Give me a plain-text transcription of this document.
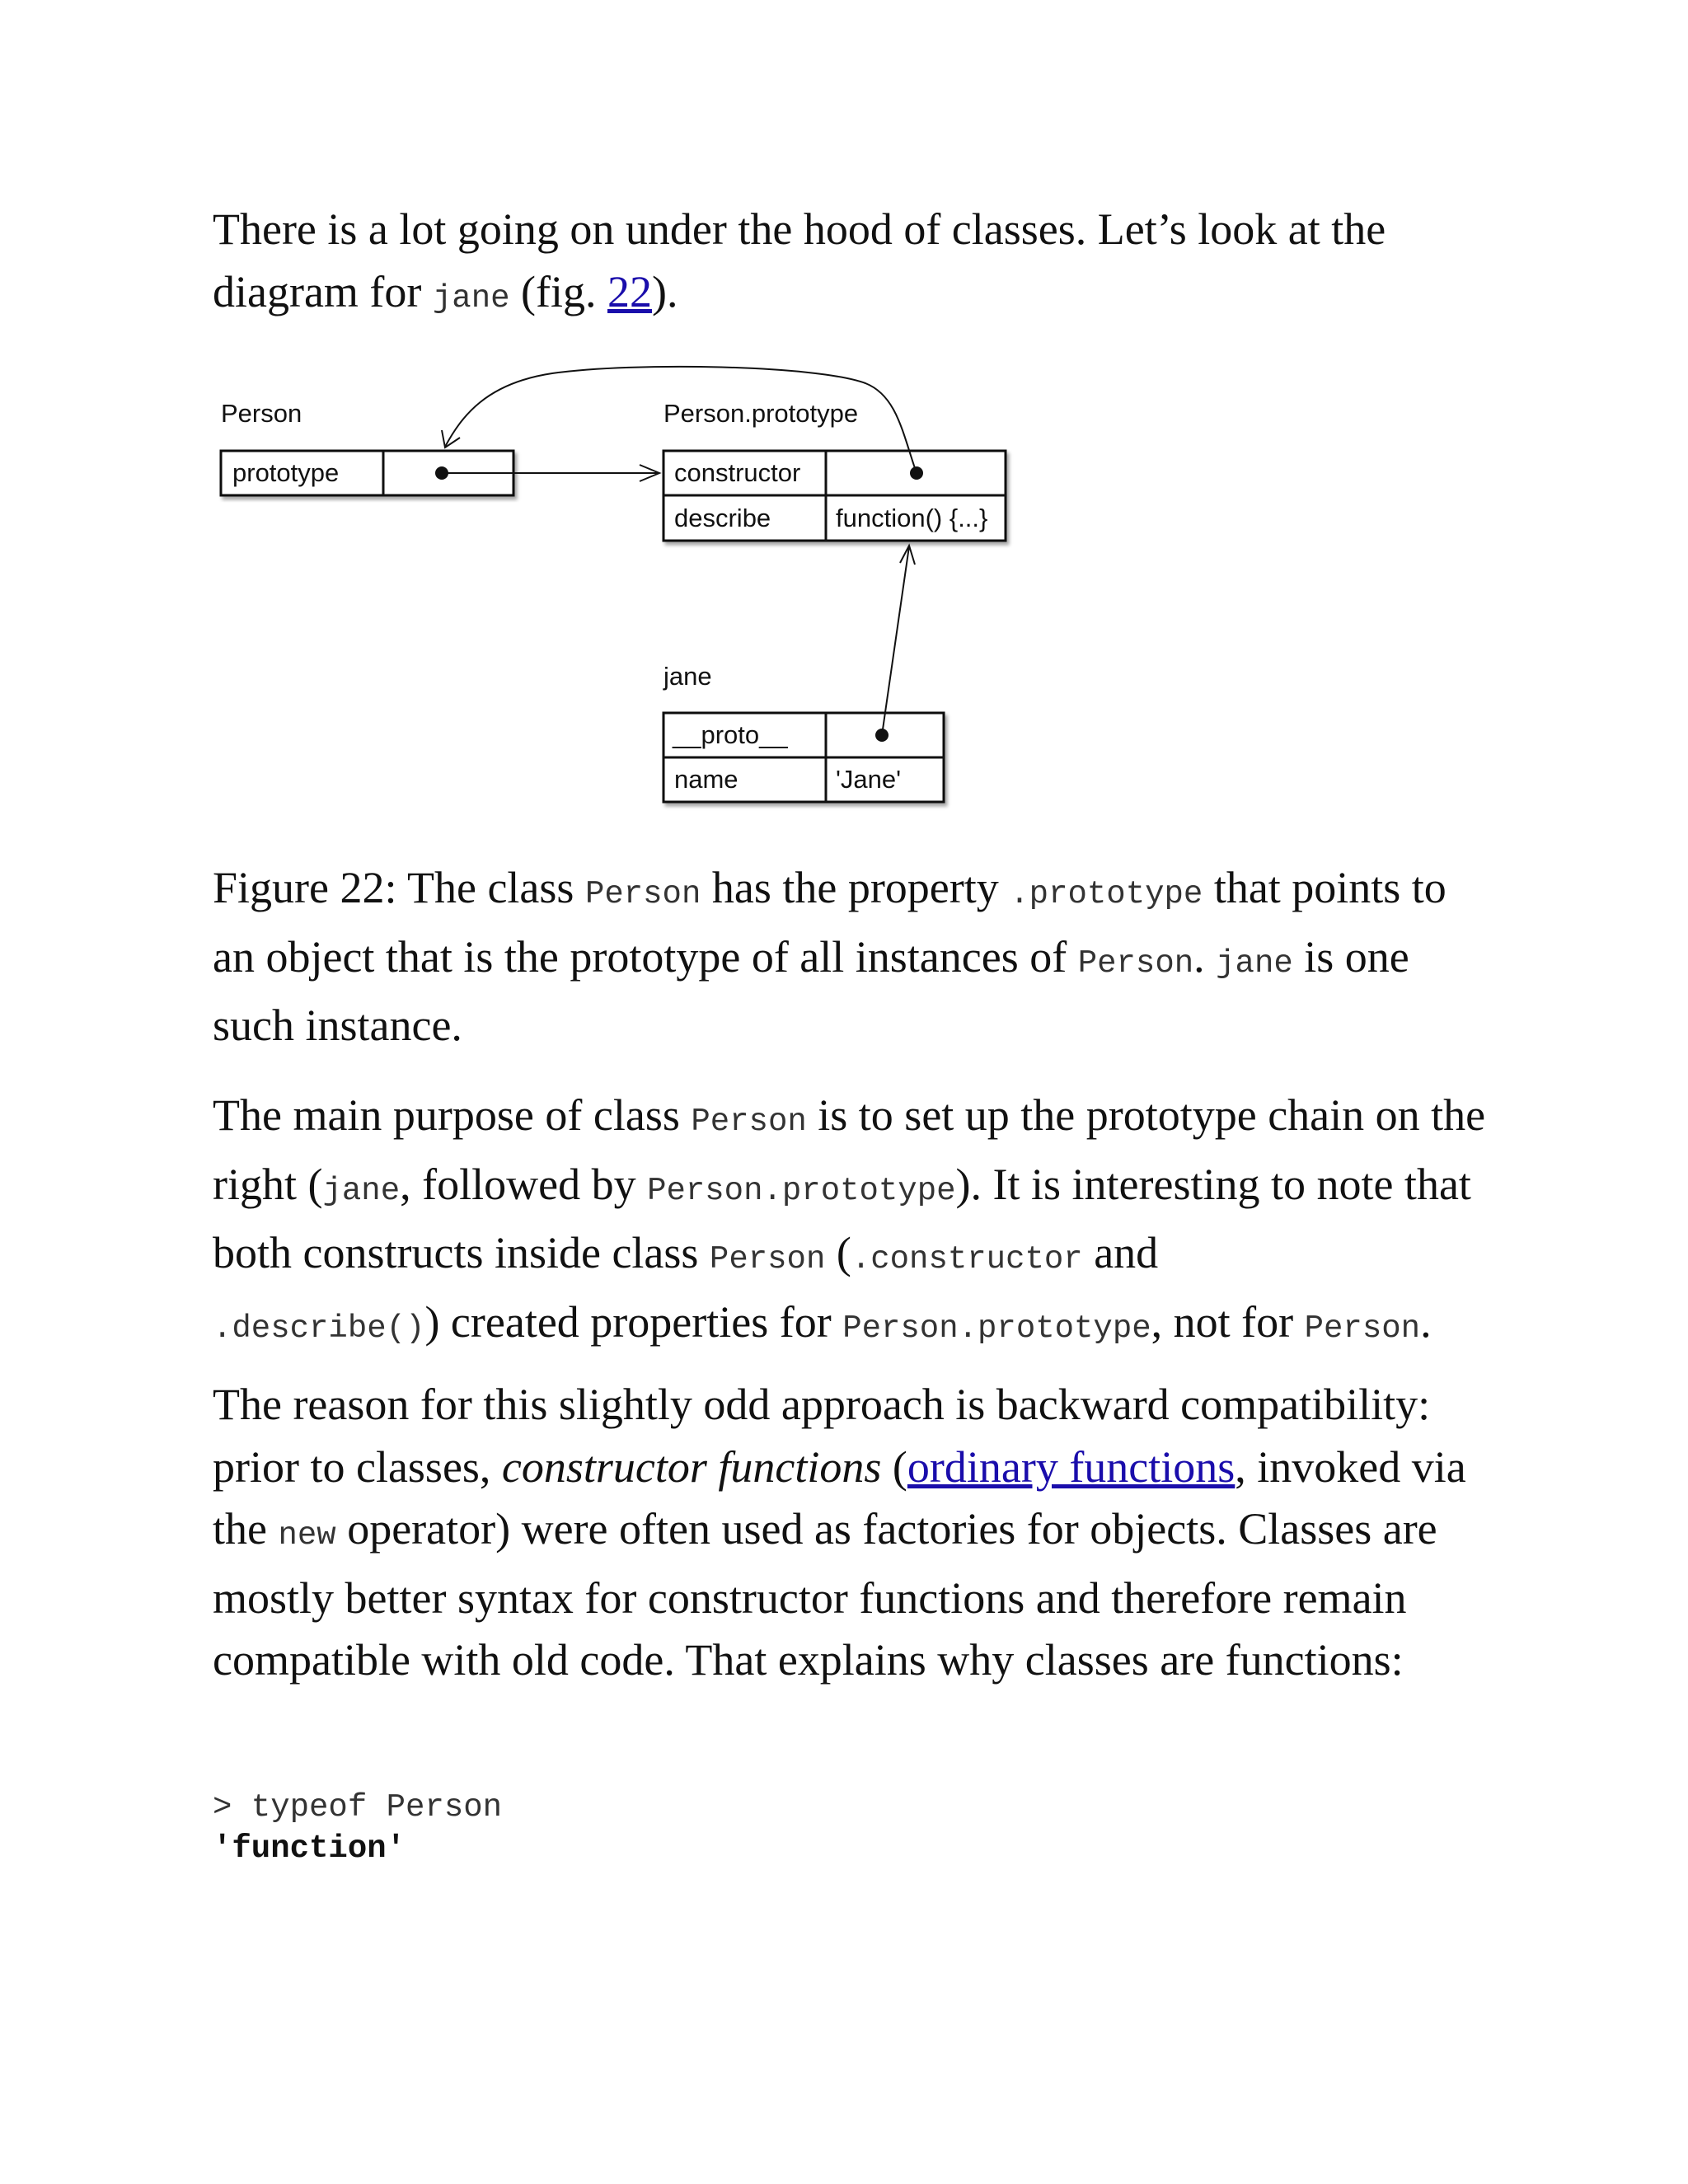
There is a lot going on under the hood of classes. Let’s look at the diagram for jane (fig. 22).

Person
prototype
Person.prototype
constructor
describe	function() {...}
jane
__proto__
name	'Jane'

Figure 22: The class Person has the property .prototype that points to an object that is the prototype of all instances of Person. jane is one such instance.

The main purpose of class Person is to set up the prototype chain on the right (jane, followed by Person.prototype). It is interesting to note that both constructs inside class Person (.constructor and
.describe()) created properties for Person.prototype, not for Person.

The reason for this slightly odd approach is backward compatibility: prior to classes, constructor functions (ordinary functions, invoked via the new operator) were often used as factories for objects. Classes are mostly better syntax for constructor functions and therefore remain compatible with old code. That explains why classes are functions:

> typeof Person
'function'
